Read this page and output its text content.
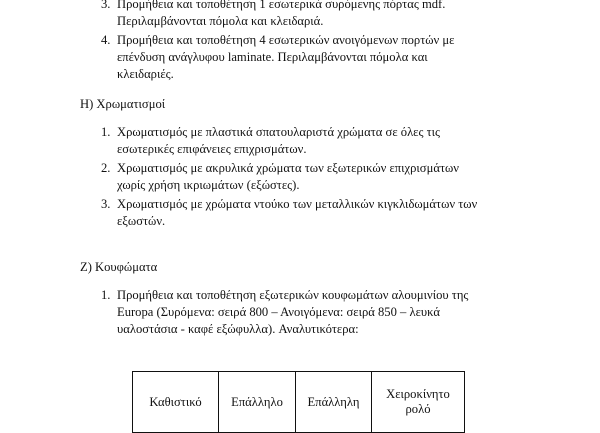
3. Προμήθεια και τοποθέτηση 1 εσωτερικά συρόμενης πόρτας mdf. Περιλαμβάνονται πόμολα και κλειδαριά.
4. Προμήθεια και τοποθέτηση 4 εσωτερικών ανοιγόμενων πορτών με επένδυση ανάγλυφου laminate. Περιλαμβάνονται πόμολα και κλειδαριές.
Η) Χρωματισμοί
1. Χρωματισμός με πλαστικά σπατουλαριστά χρώματα σε όλες τις εσωτερικές επιφάνειες επιχρισμάτων.
2. Χρωματισμός με ακρυλικά χρώματα των εξωτερικών επιχρισμάτων χωρίς χρήση ικριωμάτων (εξώστες).
3. Χρωματισμός με χρώματα ντούκο των μεταλλικών κιγκλιδωμάτων των εξωστών.
Ζ) Κουφώματα
1. Προμήθεια και τοποθέτηση εξωτερικών κουφωμάτων αλουμινίου της Europa (Συρόμενα: σειρά 800 – Ανοιγόμενα: σειρά 850 – λευκά υαλοστάσια - καφέ εξώφυλλα). Αναλυτικότερα:
Καθιστικό	Επάλληλο	Επάλληλη	Χειροκίνητο ρολό
